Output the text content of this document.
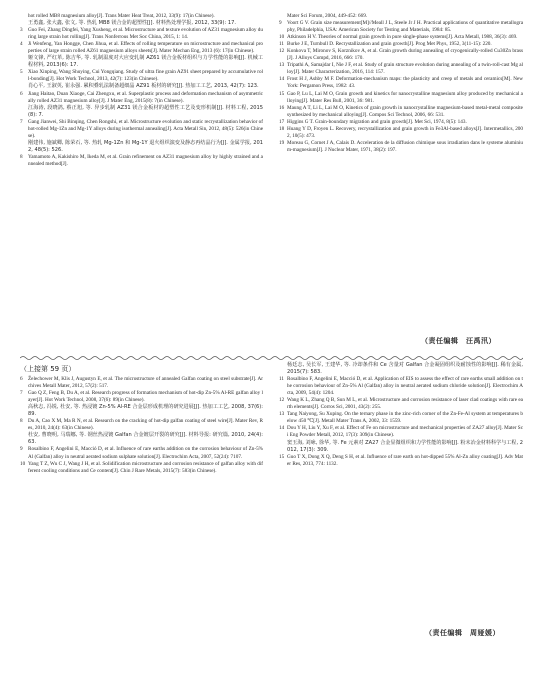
hot rolled MB8 magnesium alloy[J]. Trans Mater Heat Treat, 2012, 33(9): 17(in Chinese).
王勇鑫, 张大鑫, 张文, 等. 热轧 MB8 镁合金的超塑性[J]. 材料热处理学报, 2012, 33(9): 17.
3	Guo Fei, Zhang Dingfei, Yang Xusheng, et al. Microstructure and texture evolution of AZ31 magnesium alloy during large strain hot rolling[J]. Trans Nonferrous Met Soc China, 2015, 1: 14.
4	Ji Wenfeng, Yan Hongge, Chen Jihua, et al. Effects of rolling temperature on microstructure and mechanical properties of large strain rolled AZ61 magnesium alloys sheets[J]. Mater Mechan Eng, 2013 (6): 17(in Chinese).
姬文锋, 严红革, 陈吉华, 等. 轧制温度对大应变轧制 AZ61 镁合金板材组织与力学性能的影响[J]. 机械工程材料, 2013(6): 17.
5	Xiao Xinping, Wang Shuying, Cui Yongqiang. Study of ultra fine grain AZ91 sheet prepared by accumulative roll-bonding[J]. Hot Work Technol, 2013, 42(7): 123(in Chinese).
肖心平, 王淑英, 崔永强. 累积叠轧法制备超细晶 AZ91 板材的研究[J]. 热加工工艺, 2013, 42(7): 123.
6	Jiang Haitao, Duan Xiaoge, Cai Zhengxu, et al. Superplastic process and deformation mechanism of asymmetrically rolled AZ31 magnesium alloy[J]. J Mater Eng, 2015(8): 7(in Chinese).
江海涛, 段晓鸽, 蔡正旭, 等. 异步轧制 AZ31 镁合金板材的超塑性工艺及变形机制[J]. 材料工程, 2015(8): 7.
7	Gang Jianwei, Shi Binqing, Chen Rongshi, et al. Microstructure evolution and static recrystallization behavior of hot-rolled Mg-1Zn and Mg-1Y alloys during isothermal annealing[J]. Acta Metall Sin, 2012, 48(5): 526(in Chinese).
刚建伟, 施斌卿, 陈荣石, 等. 热轧 Mg-1Zn 和 Mg-1Y 退火组织演变及静态再结晶行为[J]. 金属学报, 2012, 48(5): 526.
8	Yamamoto A, Kakishiro M, Ikeda M, et al. Grain refinement on AZ31 magnesium alloy by highly strained and annealed method[J].
Mater Sci Forum, 2004, 449-452: 669.
9	Voort G V. Grain size measurement[M]//Meall J L, Steele Jr J H. Practical applications of quantitative metallography, Philadelphia, USA: American Society for Testing and Materials, 1984: 85.
10 Atkinson H V. Theories of normal grain growth in pure single-phase systems[J]. Acta Metall, 1988, 36(3): 469.
11 Burke J E, Turnbull D. Recrystallization and grain growth[J]. Prog Met Phys, 1952, 3(11-15): 220.
12 Konkova T, Mironov S, Korznikov A, et al. Grain growth during annealing of cryogenically-rolled Cu30Zn brass[J]. J Alloys Compd, 2016, 666: 170.
13 Tripathi A, Samajdar I, Nie J F, et al. Study of grain structure evolution during annealing of a twin-roll-cast Mg alloy[J]. Mater Characterization, 2016, 114: 157.
14 Frost H J, Ashby M F. Deformation-mechanism maps: the plasticity and creep of metals and ceramics[M]. New York: Pergamon Press, 1982: 43.
15 Gao P, Lu L, Lai M O, Grain growth and kinetics for nanocrystalline magnesium alloy produced by mechanical alloying[J]. Mater Res Bull, 2001, 36: 981.
16 Maung A T, Li L, Lai M O, Kinetics of grain growth in nanocrystalline magnesium-based metal-metal composite synthesized by mechanical alloying[J]. Compos Sci Technol, 2006, 66: 531.
17 Higgins G T. Grain-boundary migration and grain growth[J]. Met Sci, 1974, 8(5): 143.
18 Huang Y D, Froyen L. Recovery, recrystallization and grain growth in Fe3Al-based alloys[J]. Intermetallics, 2002, 10(5): 473.
19 Moreau G, Cornet J A, Calais D. Acceleration de la diffusion chimique sous irradiation dans le systeme aluminium-magnesium[J]. J Nuclear Mater, 1971, 38(2): 197.
（责任编辑　汪禹汛）
（上接第 59 页）
6	Želechower M, Klis J, Augustyn E, et al. The microstructure of annealed Galfan coating on steel substrate[J]. Archives Metall Mater, 2012, 57(2): 517.
7	Gao Q Z, Feng B, Du A, et al. Research progress of formation mechanism of hot-dip Zn-5% Al-RE galfan alloy layer[J]. Hot Work Technol, 2008, 37(6): 89(in Chinese).
高秋志, 冯锐, 杜安, 等. 热浸镀 Zn-5% Al-RE 合金层形成机理的研究进展[J]. 热加工工艺, 2008, 37(6): 89.
8	Du A, Cao X M, Ma R N, et al. Research on the cracking of hot-dip galfan coating of steel wire[J]. Mater Rev, Res, 2010, 24(4): 63(in Chinese).
杜安, 曹晓明, 马瑞娜, 等. 钢丝热浸镀 Galfan 合金镀层开裂的研究[J]. 材料导报: 研究篇, 2010, 24(4): 63.
9	Rosalbino F, Angelini E, Macció D, et al. Influence of rare earths addition on the corrosion behaviour of Zn-5% Al (Galfan) alloy in neutral aerated sodium sulphate solution[J]. Electrochim Acta, 2007, 52(24): 7107.
10 Yang T Z, Wu C J, Wang J H, et al. Solidification microstructure and corrosion resistance of galfan alloy with different cooling conditions and Ce content[J]. Chin J Rare Metals, 2015(7): 583(in Chinese).
杨廷志, 吴长军, 王建华, 等. 冷却条件和 Ce 含量对 Galfan 合金凝固组织及耐蚀性的影响[J]. 稀有金属, 2015(7): 583.
11 Rosalbino F, Angelini E, Macció D, et al. Application of EIS to assess the effect of rare earths small addition on the corrosion behaviour of Zn-5% Al (Galfan) alloy in neutral aerated sodium chloride solution[J]. Electrochim Acta, 2009, 54(4): 1204.
12 Wang K L, Zhang Q B, Sun M L, et al. Microstructure and corrosion resistance of laser clad coatings with rare earth elements[J]. Corros Sci, 2001, 43(2): 255.
13 Tang Naiyong, Su Xuping. On the ternary phase in the zinc-rich corner of the Zn-Fe-Al system at temperatures below 450 ℃[J]. Metall Mater Trans A, 2002, 33: 1559.
14 Dou Y H, Liu Y, Xu F, et al. Effect of Fe on microstructure and mechanical properties of ZA27 alloy[J]. Mater Sci Eng Powder Metall, 2012, 17(3): 309(in Chinese).
窦玉海, 刘咏, 徐华, 等. Fe 元素对 ZA27 合金显微组织和力学性能的影响[J]. 粉末冶金材料科学与工程, 2012, 17(3): 309.
15 Guo T X, Dong X Q, Deng S H, et al. Influence of rare earth on hot-dipped 55% Al-Zn alloy coating[J]. Adv Mater Res, 2013, 774: 1132.
（责任编辑　周娅媛）
